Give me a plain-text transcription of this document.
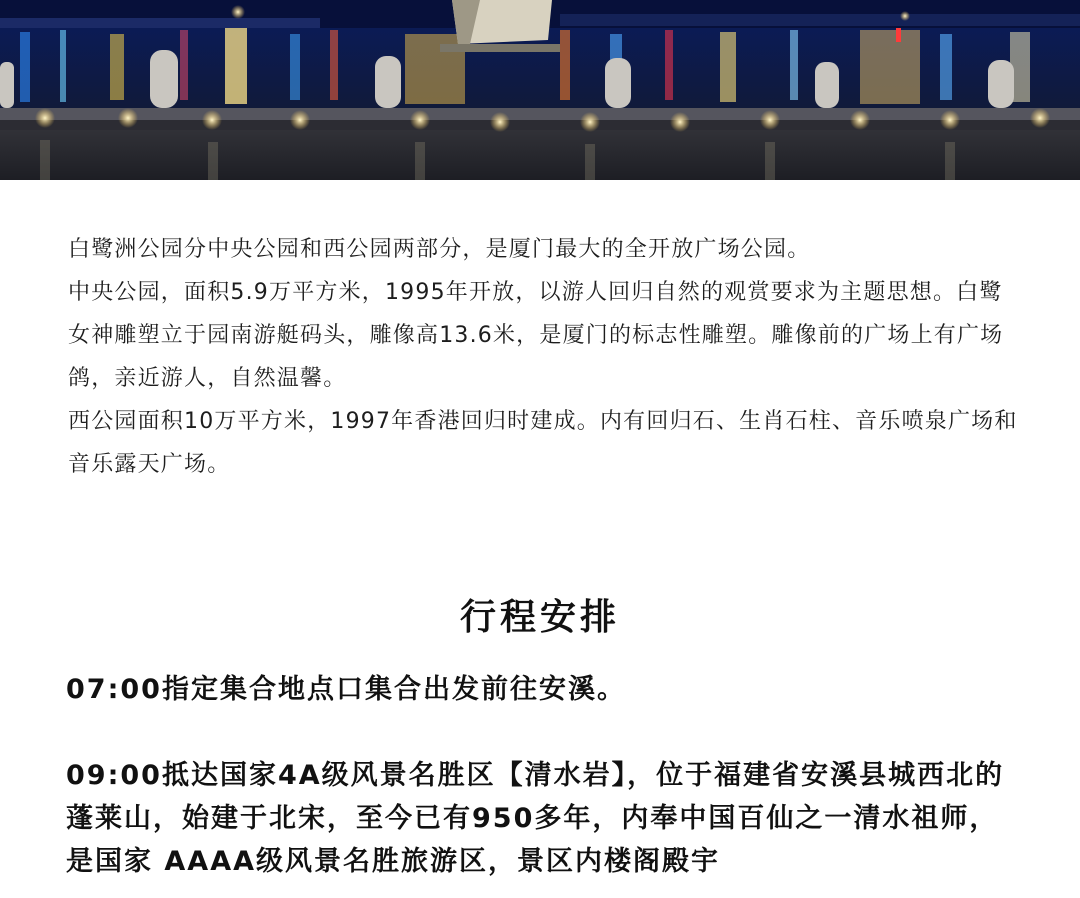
白鹭洲公园分中央公园和西公园两部分，是厦门最大的全开放广场公园。

中央公园，面积5.9万平方米，1995年开放，以游人回归自然的观赏要求为主题思想。白鹭女神雕塑立于园南游艇码头，雕像高13.6米，是厦门的标志性雕塑。雕像前的广场上有广场鸽，亲近游人，自然温馨。

西公园面积10万平方米，1997年香港回归时建成。内有回归石、生肖石柱、音乐喷泉广场和音乐露天广场。

行程安排

07:00指定集合地点口集合出发前往安溪。

09:00抵达国家4A级风景名胜区【清水岩】，位于福建省安溪县城西北的蓬莱山，始建于北宋，至今已有950多年，内奉中国百仙之一清水祖师，是国家 AAAA级风景名胜旅游区，景区内楼阁殿宇
